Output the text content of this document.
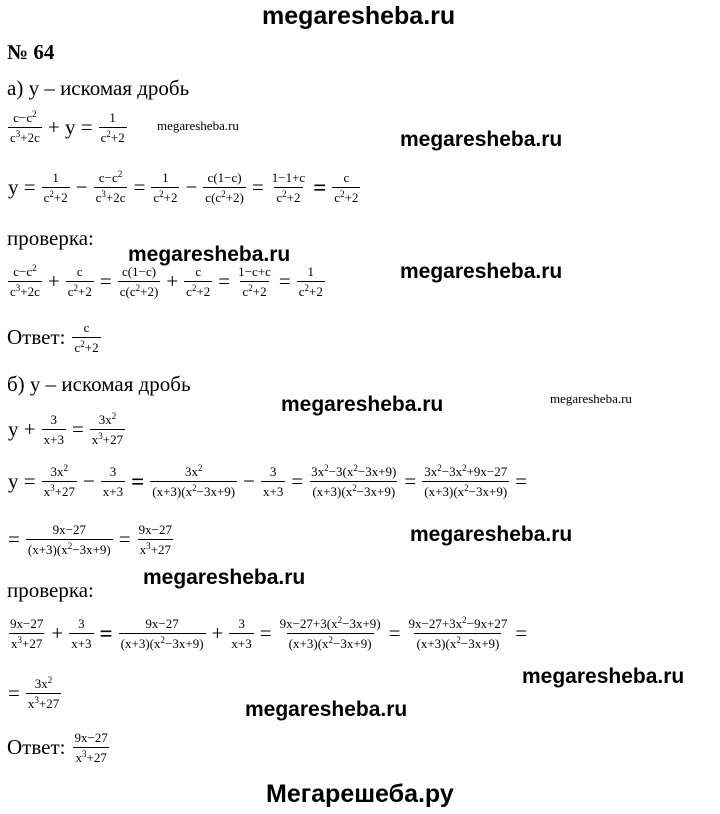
megaresheba.ru
Мегарешеба.ру
№ 64
а) у – искомая дробь
$\frac{c-c^2}{c^3+2c} + y = \frac{1}{c^2+2}$ megaresheba.ru
megaresheba.ru
$y = \frac{1}{c^2+2} - \frac{c-c^2}{c^3+2c} = \frac{1}{c^2+2} - \frac{c(1-c)}{c(c^2+2)} = \frac{1-1+c}{c^2+2} = \frac{c}{c^2+2}$
проверка:
megaresheba.ru
$\frac{c-c^2}{c^3+2c} + \frac{c}{c^2+2} = \frac{c(1-c)}{c(c^2+2)} + \frac{c}{c^2+2} = \frac{1-c+c}{c^2+2} = \frac{1}{c^2+2}$	megaresheba.ru
Ответ: $\frac{c}{c^2+2}$
б) у – искомая дробь
megaresheba.ru
megaresheba.ru
$y + \frac{3}{x+3} = \frac{3x^2}{x^3+27}$
$y = \frac{3x^2}{x^3+27} - \frac{3}{x+3} = \frac{3x^2}{(x+3)(x^2-3x+9)} - \frac{3}{x+3} = \frac{3x^2-3(x^2-3x+9)}{(x+3)(x^2-3x+9)} = \frac{3x^2-3x^2+9x-27}{(x+3)(x^2-3x+9)}$ =
= $\frac{9x-27}{(x+3)(x^2-3x+9)} = \frac{9x-27}{x^3+27}$	megaresheba.ru
проверка:
megaresheba.ru
$\frac{9x-27}{x^3+27} + \frac{3}{x+3} = \frac{9x-27}{(x+3)(x^2-3x+9)} + \frac{3}{x+3} = \frac{9x-27+3(x^2-3x+9)}{(x+3)(x^2-3x+9)} = \frac{9x-27+3x^2-9x+27}{(x+3)(x^2-3x+9)}$ =
= $\frac{3x^2}{x^3+27}$	megaresheba.ru
megaresheba.ru
Ответ: $\frac{9x-27}{x^3+27}$
